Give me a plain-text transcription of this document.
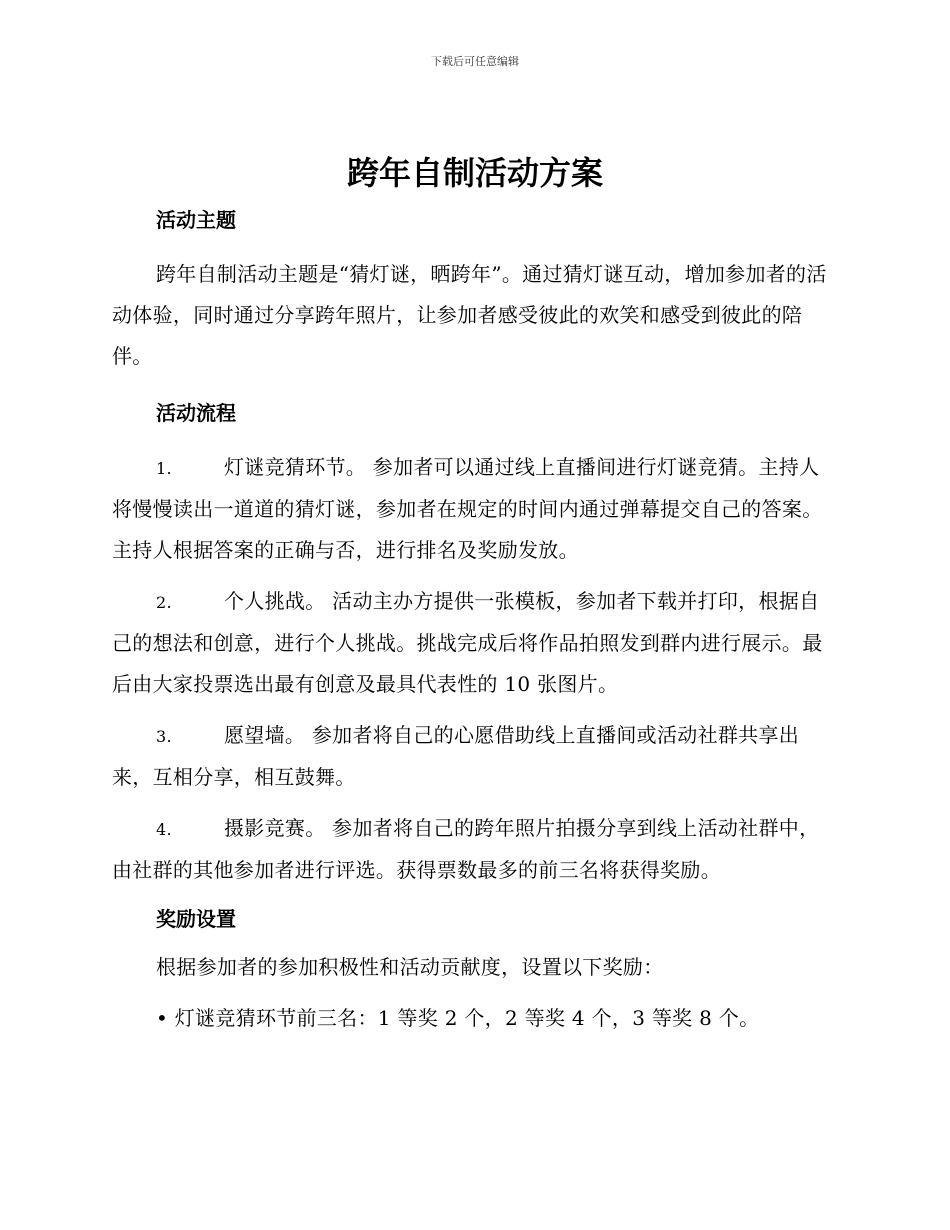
下载后可任意编辑
跨年自制活动方案
活动主题

跨年自制活动主题是“猜灯谜，晒跨年”。通过猜灯谜互动，增加参加者的活动体验，同时通过分享跨年照片，让参加者感受彼此的欢笑和感受到彼此的陪伴。

活动流程

1.	灯谜竞猜环节。 参加者可以通过线上直播间进行灯谜竞猜。主持人将慢慢读出一道道的猜灯谜，参加者在规定的时间内通过弹幕提交自己的答案。主持人根据答案的正确与否，进行排名及奖励发放。

2.	个人挑战。 活动主办方提供一张模板，参加者下载并打印，根据自己的想法和创意，进行个人挑战。挑战完成后将作品拍照发到群内进行展示。最后由大家投票选出最有创意及最具代表性的 10 张图片。

3.	愿望墙。 参加者将自己的心愿借助线上直播间或活动社群共享出来，互相分享，相互鼓舞。

4.	摄影竞赛。 参加者将自己的跨年照片拍摄分享到线上活动社群中，由社群的其他参加者进行评选。获得票数最多的前三名将获得奖励。

奖励设置

根据参加者的参加积极性和活动贡献度，设置以下奖励：

• 灯谜竞猜环节前三名：1 等奖 2 个，2 等奖 4 个，3 等奖 8 个。
